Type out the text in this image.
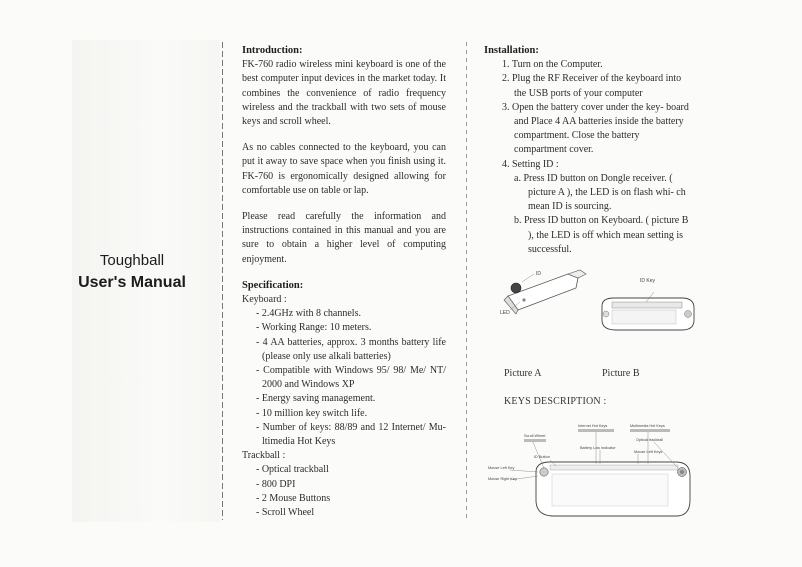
Toughball
User's Manual

Introduction:

FK-760 radio wireless mini keyboard is one of the best computer input devices in the market today. It combines the convenience of radio frequency wireless and the trackball with two sets of mouse keys and scroll wheel.

As no cables connected to the keyboard, you can put it away to save space when you finish using it. FK-760 is ergonomically designed allowing for comfortable use on table or lap.

Please read carefully the information and instructions contained in this manual and you are sure to obtain a higher level of computing enjoyment.

Specification:

Keyboard :

- 2.4GHz with 8 channels.

- Working Range: 10 meters.

- 4 AA batteries, approx. 3 months battery life (please only use alkali batteries)

- Compatible with Windows 95/ 98/ Me/ NT/ 2000 and Windows XP

- Energy saving management.

- 10 million key switch life.

- Number of keys: 88/89 and 12 Internet/ Mu- ltimedia Hot Keys

Trackball :

- Optical trackball

- 800 DPI

- 2 Mouse Buttons

- Scroll Wheel

Installation:

1. Turn on the Computer.

2. Plug the RF Receiver of the keyboard into the USB ports of your computer

3. Open the battery cover under the key- board and Place 4 AA batteries inside the battery compartment. Close the battery compartment cover.

4. Setting ID :

a. Press ID button on Dongle receiver. ( picture A ), the LED is on flash whi- ch mean ID is sourcing.

b. Press ID button on Keyboard. ( picture B ), the LED is off which mean setting is successful.

ID
LED
ID Key
Picture A	Picture B
KEYS DESCRIPTION :
Internet Hot Keys	Multimedia Hot Keys
Scroll Wheel
Optical trackball
Battery Low Indicator
Mouse Left Keys
ID Button
Mouse Left Key
Mouse Right Key
